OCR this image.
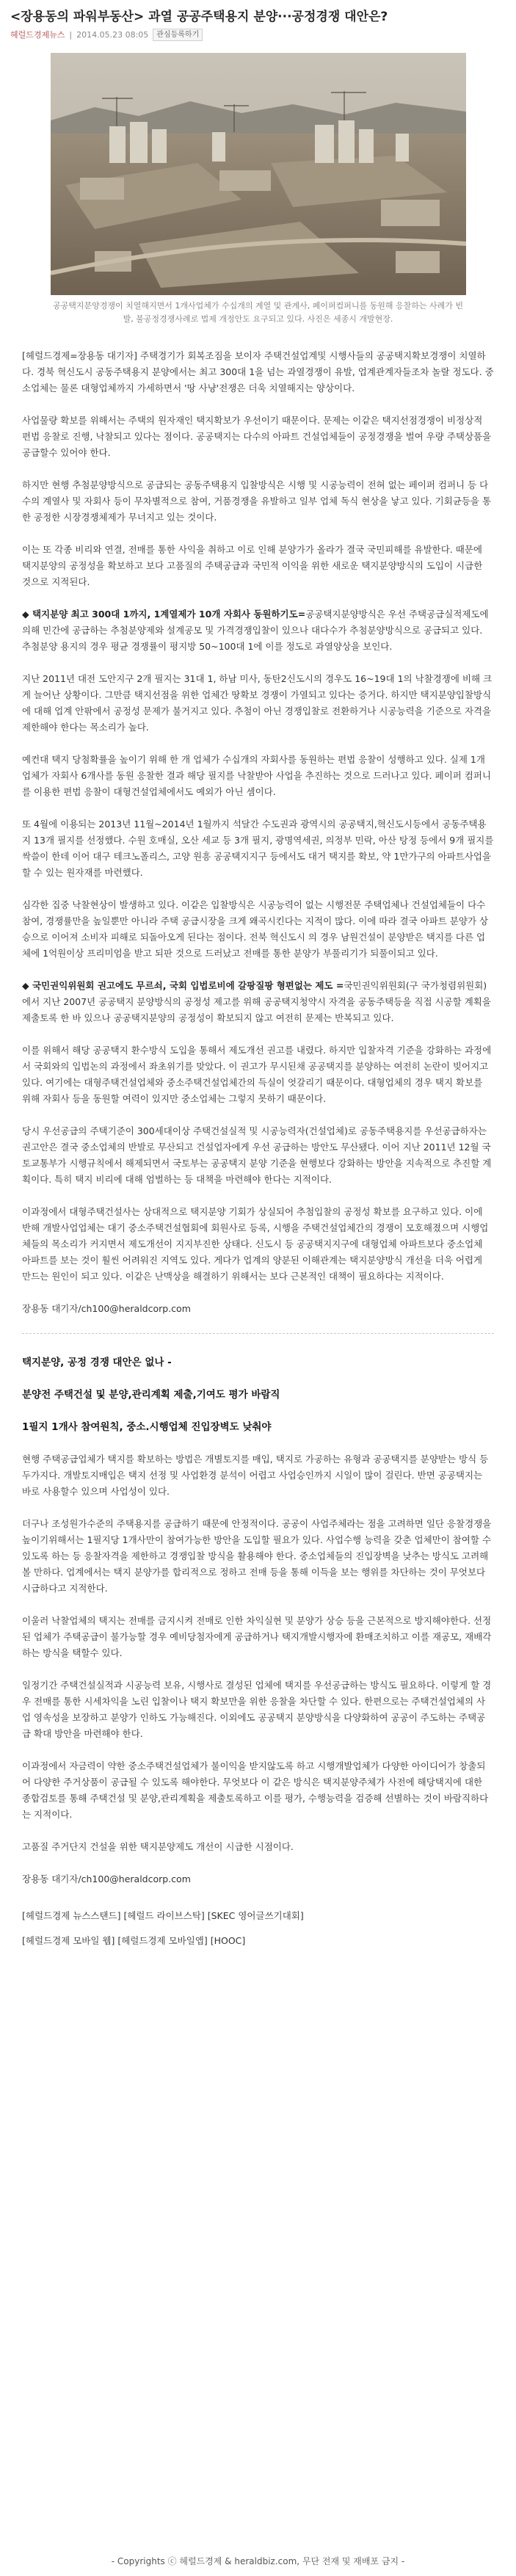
<장용동의 파워부동산> 과열 공공주택용지 분양···공정경쟁 대안은?
헤럴드경제뉴스 | 2014.05.23 08:05	관심등록하기
공공택지분양경쟁이 치열해지면서 1개사업체가 수십개의 계열 및 관계사, 페이퍼컴퍼니를 동원해 응찰하는 사례가 빈발, 불공정경쟁사례로 법제 개정안도 요구되고 있다. 사진은 세종시 개발현장.

[헤럴드경제=장용동 대기자] 주택경기가 회복조짐을 보이자 주택건설업계및 시행사들의 공공택지확보경쟁이 치열하다. 경북 혁신도시 공동주택용지 분양에서는 최고 300대 1을 넘는 과열경쟁이 유발, 업계관계자들조차 놀랄 정도다. 중소업체는 물론 대형업체까지 가세하면서 '땅 사냥'전쟁은 더욱 치열해지는 양상이다.

사업물량 확보를 위해서는 주택의 원자재인 택지확보가 우선이기 때문이다. 문제는 이같은 택지선점경쟁이 비정상적 편법 응찰로 진행, 낙찰되고 있다는 점이다. 공공택지는 다수의 아파트 건설업체들이 공정경쟁을 벌여 우량 주택상품을 공급할수 있어야 한다.

하지만 현행 추첨분양방식으로 공급되는 공동주택용지 입찰방식은 시행 및 시공능력이 전혀 없는 페이퍼 컴퍼니 등 다수의 계열사 및 자회사 등이 무차별적으로 참여, 거품경쟁을 유발하고 일부 업체 독식 현상을 낳고 있다. 기회균등을 통한 공정한 시장경쟁체제가 무너지고 있는 것이다.

이는 또 각종 비리와 연결, 전매를 통한 사익을 취하고 이로 인해 분양가가 올라가 결국 국민피해를 유발한다. 때문에 택지분양의 공정성을 확보하고 보다 고품질의 주택공급과 국민적 이익을 위한 새로운 택지분양방식의 도입이 시급한 것으로 지적된다.

◆ 택지분양 최고 300대 1까지, 1계열제가 10개 자회사 동원하기도=공공택지분양방식은 우선 주택공급실적제도에 의해 민간에 공급하는 추첨분양제와 설계공모 및 가격경쟁입찰이 있으나 대다수가 추첨분양방식으로 공급되고 있다. 추첨분양 용지의 경우 평균 경쟁률이 평지방 50~100대 1에 이를 정도로 과열양상을 보인다.

지난 2011년 대전 도안지구 2개 필지는 31대 1, 하남 미사, 동탄2신도시의 경우도 16~19대 1의 낙찰경쟁에 비해 크게 늘어난 상황이다. 그만큼 택지선점을 위한 업체간 땅확보 경쟁이 가열되고 있다는 증거다. 하지만 택지분양입찰방식에 대해 업계 안팎에서 공정성 문제가 불거지고 있다. 추첨이 아닌 경쟁입찰로 전환하거나 시공능력을 기준으로 자격을 제한해야 한다는 목소리가 높다.

예컨대 택지 당첨확률을 높이기 위해 한 개 업체가 수십개의 자회사를 동원하는 편법 응찰이 성행하고 있다. 실제 1개 업체가 자회사 6개사를 동원 응찰한 결과 해당 필지를 낙찰받아 사업을 추진하는 것으로 드러나고 있다. 페이퍼 컴퍼니를 이용한 편법 응찰이 대형건설업체에서도 예외가 아닌 셈이다.

또 4월에 이용되는 2013년 11월~2014년 1월까지 석달간 수도권과 광역시의 공공택지,혁신도시등에서 공동주택용지 13개 필지를 선정했다. 수원 호매실, 오산 세교 등 3개 필지, 광명역세권, 의정부 민락, 아산 탕정 등에서 9개 필지를 싹쓸이 한데 이어 대구 테크노폴리스, 고양 원흥 공공택지지구 등에서도 대거 택지를 확보, 약 1만가구의 아파트사업을 할 수 있는 원자재를 마련했다.

심각한 집중 낙찰현상이 발생하고 있다. 이같은 입찰방식은 시공능력이 없는 시행전문 주택업체나 건설업체들이 다수 참여, 경쟁률만을 높일뿐만 아니라 주택 공급시장을 크게 왜곡시킨다는 지적이 많다. 이에 따라 결국 아파트 분양가 상승으로 이어져 소비자 피해로 되돌아오게 된다는 점이다. 전북 혁신도시 의 경우 남원건설이 분양받은 택지를 다른 업체에 1억원이상 프리미엄을 받고 되판 것으로 드러났고 전매를 통한 분양가 부풀리기가 되풀이되고 있다.

◆ 국민권익위원회 권고에도 무르쇠, 국회 입법로비에 갈팡질팡 형편없는 제도 =국민권익위원회(구 국가청렴위원회)에서 지난 2007년 공공택지 분양방식의 공정성 제고를 위해 공공택지청약시 자격을 공동주택등을 직접 시공할 계획을 제출토록 한 바 있으나 공공택지분양의 공정성이 확보되지 않고 여전히 문제는 반복되고 있다.

이를 위해서 해당 공공택지 환수방식 도입을 통해서 제도개선 권고를 내렸다. 하지만 입찰자격 기준을 강화하는 과정에서 국회와의 입법논의 과정에서 좌초위기를 맞았다. 이 권고가 무시된채 공공택지를 분양하는 여전히 논란이 빚어지고 있다. 여기에는 대형주택건설업체와 중소주택건설업체간의 득실이 엇갈리기 때문이다. 대형업체의 경우 택지 확보를 위해 자회사 등을 동원할 여력이 있지만 중소업체는 그렇지 못하기 때문이다.

당시 우선공급의 주택기준이 300세대이상 주택건설실적 및 시공능력자(건설업체)로 공동주택용지를 우선공급하자는 권고안은 결국 중소업체의 반발로 무산되고 건설업자에게 우선 공급하는 방안도 무산됐다. 이어 지난 2011년 12월 국토교통부가 시행규칙에서 해제되면서 국토부는 공공택지 분양 기준을 현행보다 강화하는 방안을 지속적으로 추진할 계획이다. 특히 택지 비리에 대해 엄벌하는 등 대책을 마련해야 한다는 지적이다.

이과정에서 대형주택건설사는 상대적으로 택지분양 기회가 상실되어 추첨입찰의 공정성 확보를 요구하고 있다. 이에 반해 개발사업업체는 대기 중소주택건설협회에 회원사로 등록, 시행을 주택건설업체간의 경쟁이 모호해졌으며 시행업체들의 목소리가 커지면서 제도개선이 지지부진한 상태다. 신도시 등 공공택지지구에 대형업체 아파트보다 중소업체 아파트를 보는 것이 훨씬 어려워진 지역도 있다. 게다가 업계의 양분된 이해관계는 택지분양방식 개선을 더욱 어렵게 만드는 원인이 되고 있다. 이같은 난맥상을 해결하기 위해서는 보다 근본적인 대책이 필요하다는 지적이다.

장용동 대기자/ch100@heraldcorp.com

택지분양, 공정 경쟁 대안은 없나 -

분양전 주택건설 및 분양,관리계획 제출,기여도 평가 바람직

1필지 1개사 참여원칙, 중소.시행업체 진입장벽도 낮춰야

현행 주택공급업체가 택지를 확보하는 방법은 개별토지를 매입, 택지로 가공하는 유형과 공공택지를 분양받는 방식 등 두가지다. 개발토지매입은 택지 선정 및 사업환경 분석이 어렵고 사업승인까지 시일이 많이 걸린다. 반면 공공택지는 바로 사용할수 있으며 사업성이 있다.

더구나 조성원가수준의 주택용지를 공급하기 때문에 안정적이다. 공공이 사업주체라는 점을 고려하면 일단 응찰경쟁을 높이기위해서는 1필지당 1개사만이 참여가능한 방안을 도입할 필요가 있다. 사업수행 능력을 갖춘 업체만이 참여할 수 있도록 하는 등 응찰자격을 제한하고 경쟁입찰 방식을 활용해야 한다. 중소업체들의 진입장벽을 낮추는 방식도 고려해볼 만하다. 업계에서는 택지 분양가를 합리적으로 정하고 전매 등을 통해 이득을 보는 행위를 차단하는 것이 무엇보다 시급하다고 지적한다.

이울러 낙찰업체의 택지는 전매를 금지시켜 전매로 인한 차익실현 및 분양가 상승 등을 근본적으로 방지해야한다. 선정된 업체가 주택공급이 불가능할 경우 예비당첨자에게 공급하거나 택지개발시행자에 환매조치하고 이를 재공모, 재배각하는 방식을 택할수 있다.

일정기간 주택건설실적과 시공능력 보유, 시행사로 결성된 업체에 택지를 우선공급하는 방식도 필요하다. 이렇게 할 경우 전매를 통한 시세차익을 노린 입찰이나 택지 확보만을 위한 응찰을 차단할 수 있다. 한편으로는 주택건설업체의 사업 영속성을 보장하고 분양가 인하도 가능해진다. 이외에도 공공택지 분양방식을 다양화하여 공공이 주도하는 주택공급 확대 방안을 마련해야 한다.

이과정에서 자금력이 약한 중소주택건설업체가 불이익을 받지않도록 하고 시행개발업체가 다양한 아이디어가 창출되어 다양한 주거상품이 공급될 수 있도록 해야한다. 무엇보다 이 같은 방식은 택지분양주체가 사전에 해당택지에 대한 종합검토를 통해 주택건설 및 분양,관리계획을 제출토록하고 이를 평가, 수행능력을 검증해 선별하는 것이 바람직하다는 지적이다.

고품질 주거단지 건설을 위한 택지분양제도 개선이 시급한 시점이다.

장용동 대기자/ch100@heraldcorp.com

[헤럴드경제 뉴스스탠드] [헤럴드 라이브스탁] [SKEC 영어글쓰기대회]
[헤럴드경제 모바일 웹] [헤럴드경제 모바일앱] [HOOC]
- Copyrights ⓒ 헤럴드경제 & heraldbiz.com, 무단 전재 및 재배포 금지 -
